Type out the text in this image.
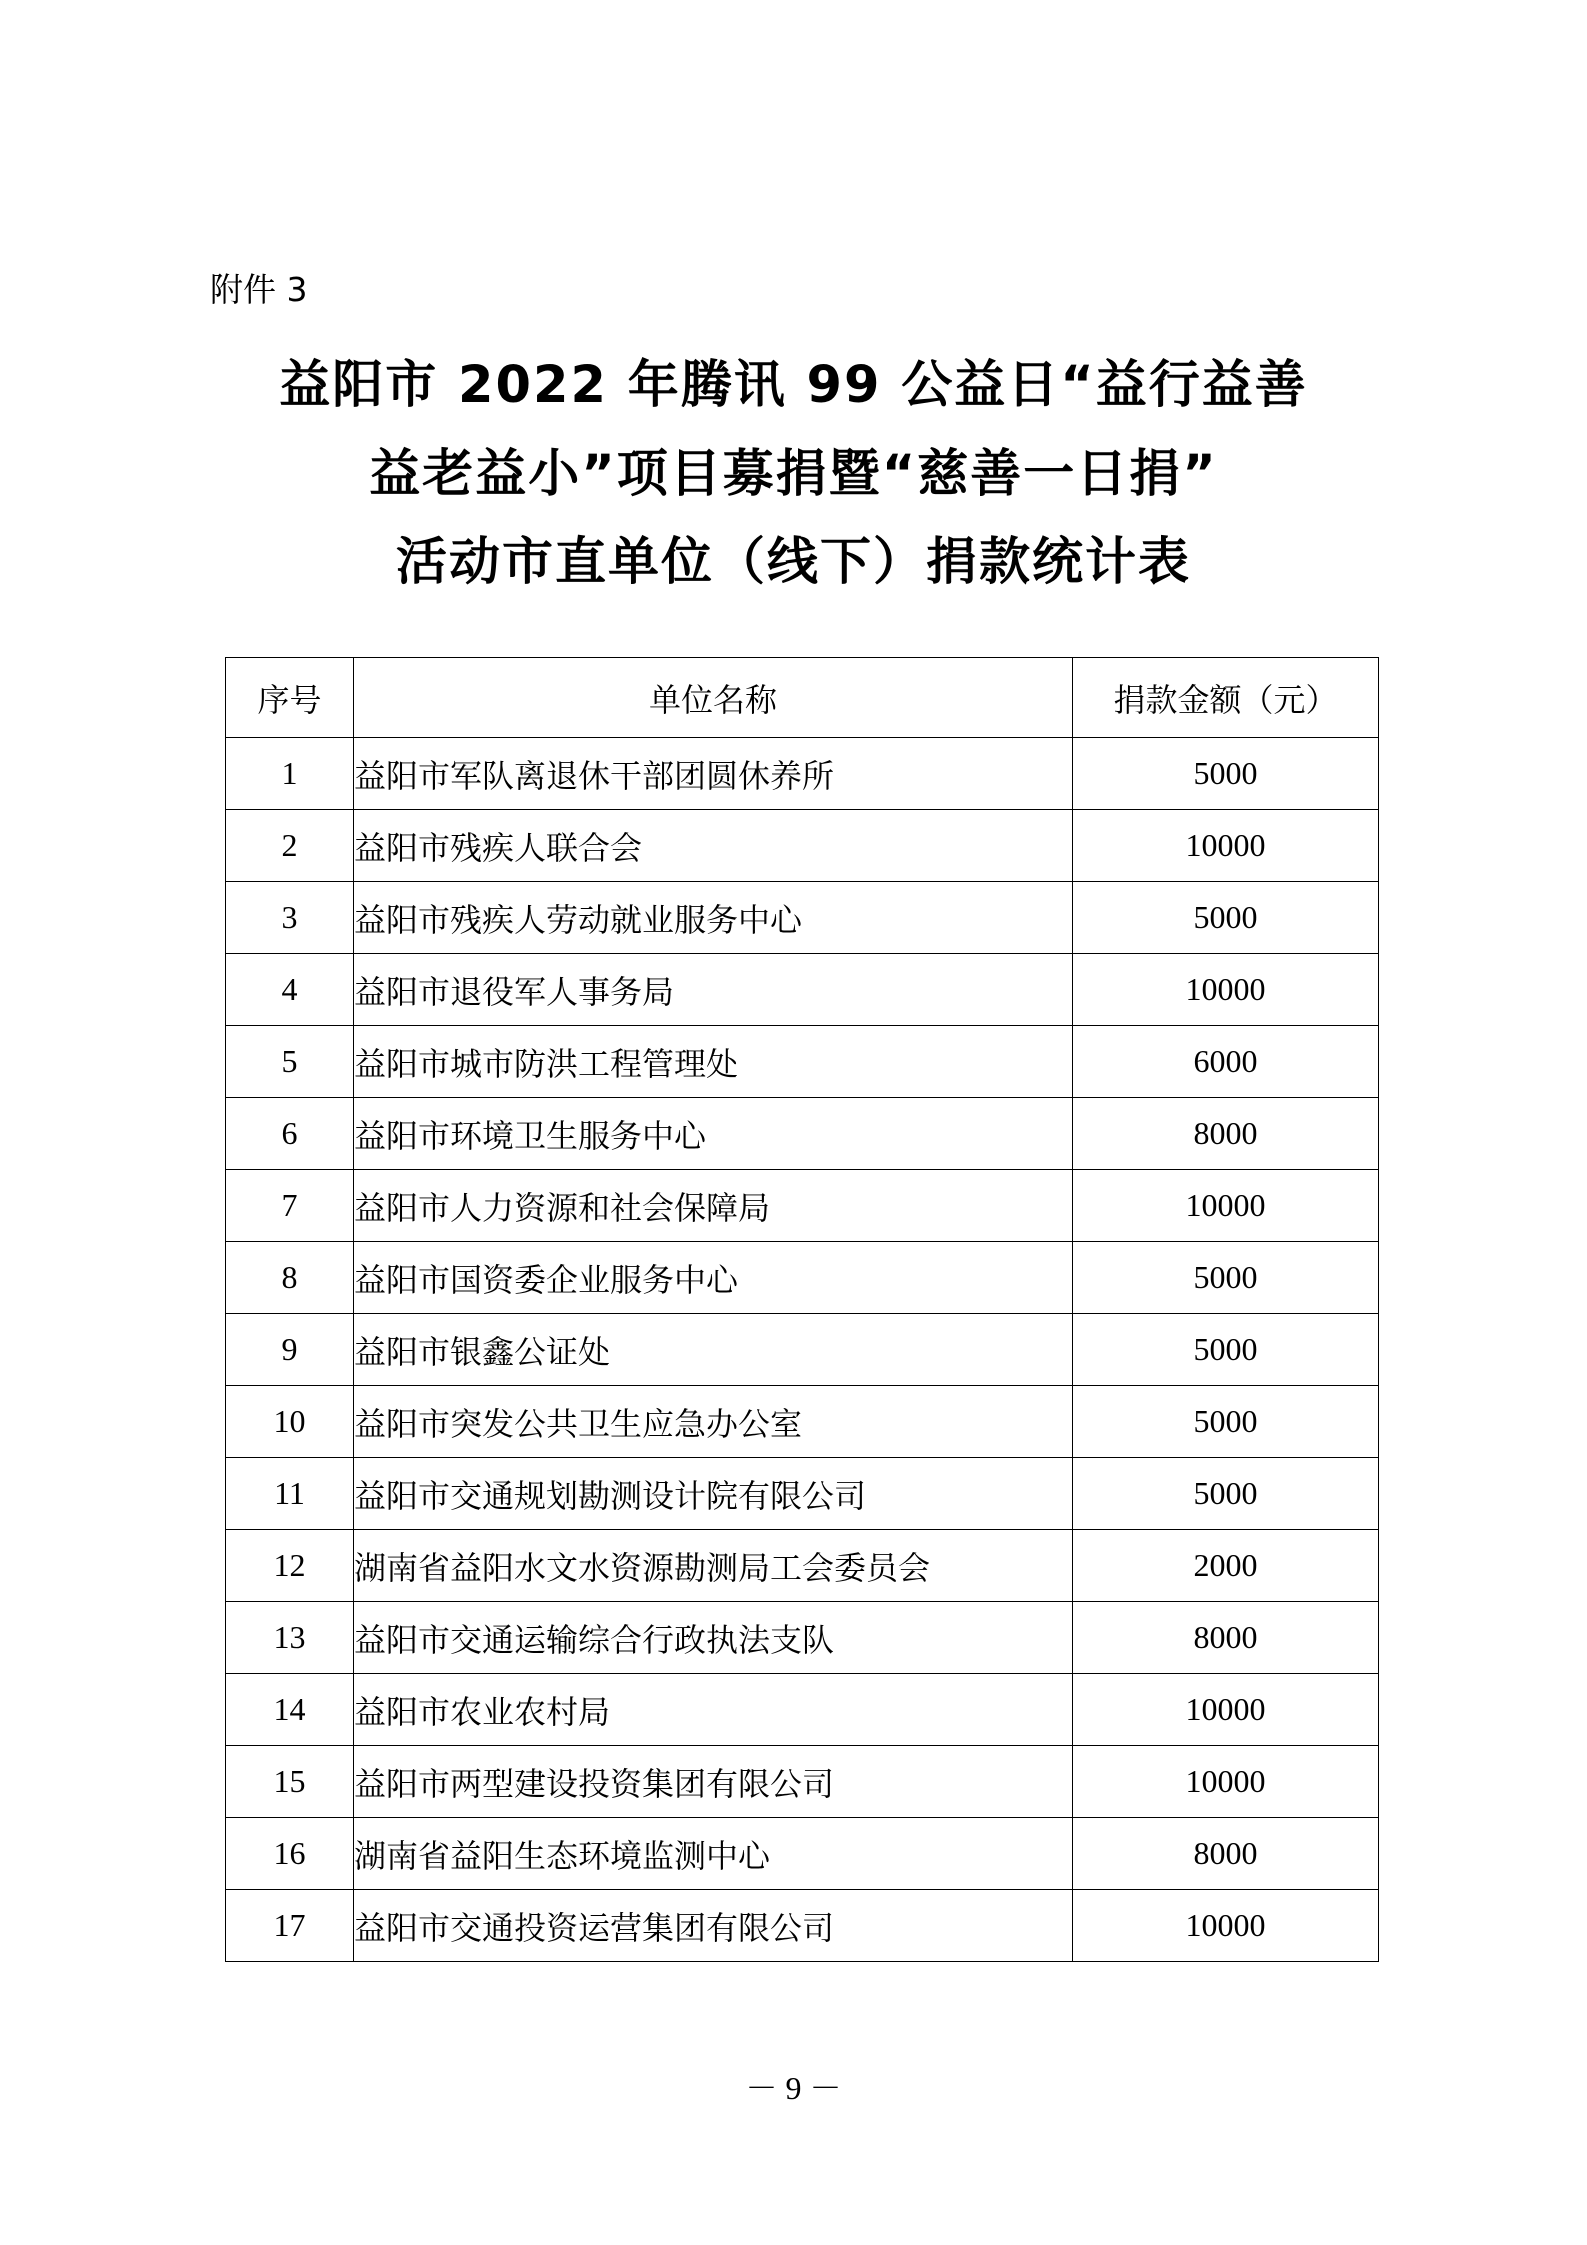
附件 3
益阳市 2022 年腾讯 99 公益日“益行益善
益老益小”项目募捐暨“慈善一日捐”
活动市直单位（线下）捐款统计表
序号	单位名称	捐款金额（元）
1	益阳市军队离退休干部团圆休养所	5000
2	益阳市残疾人联合会	10000
3	益阳市残疾人劳动就业服务中心	5000
4	益阳市退役军人事务局	10000
5	益阳市城市防洪工程管理处	6000
6	益阳市环境卫生服务中心	8000
7	益阳市人力资源和社会保障局	10000
8	益阳市国资委企业服务中心	5000
9	益阳市银鑫公证处	5000
10	益阳市突发公共卫生应急办公室	5000
11	益阳市交通规划勘测设计院有限公司	5000
12	湖南省益阳水文水资源勘测局工会委员会	2000
13	益阳市交通运输综合行政执法支队	8000
14	益阳市农业农村局	10000
15	益阳市两型建设投资集团有限公司	10000
16	湖南省益阳生态环境监测中心	8000
17	益阳市交通投资运营集团有限公司	10000
－ 9 －
